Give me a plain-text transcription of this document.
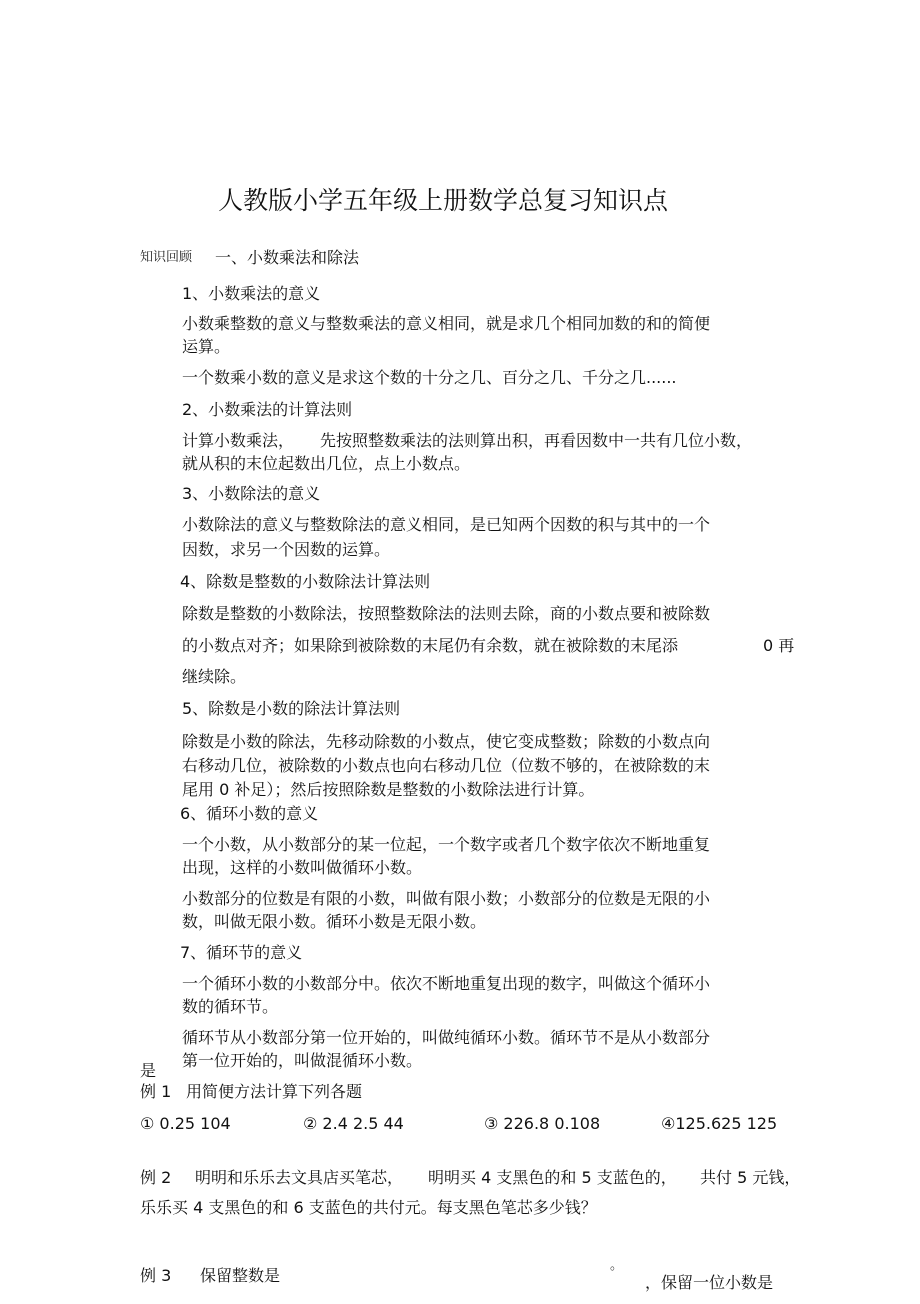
人教版小学五年级上册数学总复习知识点
知识回顾 一、小数乘法和除法
1、小数乘法的意义
小数乘整数的意义与整数乘法的意义相同，就是求几个相同加数的和的简便
运算。
一个数乘小数的意义是求这个数的十分之几、百分之几、千分之几......
2、小数乘法的计算法则
计算小数乘法， 先按照整数乘法的法则算出积，再看因数中一共有几位小数，
就从积的末位起数出几位，点上小数点。
3、小数除法的意义
小数除法的意义与整数除法的意义相同，是已知两个因数的积与其中的一个
因数，求另一个因数的运算。
4、除数是整数的小数除法计算法则
除数是整数的小数除法，按照整数除法的法则去除，商的小数点要和被除数
的小数点对齐；如果除到被除数的末尾仍有余数，就在被除数的末尾添	0 再
继续除。
5、除数是小数的除法计算法则
除数是小数的除法，先移动除数的小数点，使它变成整数；除数的小数点向
右移动几位，被除数的小数点也向右移动几位（位数不够的，在被除数的末
尾用 0 补足）；然后按照除数是整数的小数除法进行计算。
6、循环小数的意义
一个小数，从小数部分的某一位起，一个数字或者几个数字依次不断地重复
出现，这样的小数叫做循环小数。
小数部分的位数是有限的小数，叫做有限小数；小数部分的位数是无限的小
数，叫做无限小数。循环小数是无限小数。
7、循环节的意义
一个循环小数的小数部分中。依次不断地重复出现的数字，叫做这个循环小
数的循环节。
循环节从小数部分第一位开始的，叫做纯循环小数。循环节不是从小数部分
第一位开始的，叫做混循环小数。
是
例 1 用简便方法计算下列各题
① 0.25 104	② 2.4 2.5 44	③ 226.8 0.108	④125.625 125
例 2 明明和乐乐去文具店买笔芯， 明明买 4 支黑色的和 5 支蓝色的， 共付 5 元钱，
乐乐买 4 支黑色的和 6 支蓝色的共付元。每支黑色笔芯多少钱？
例 3 保留整数是
。
，保留一位小数是
